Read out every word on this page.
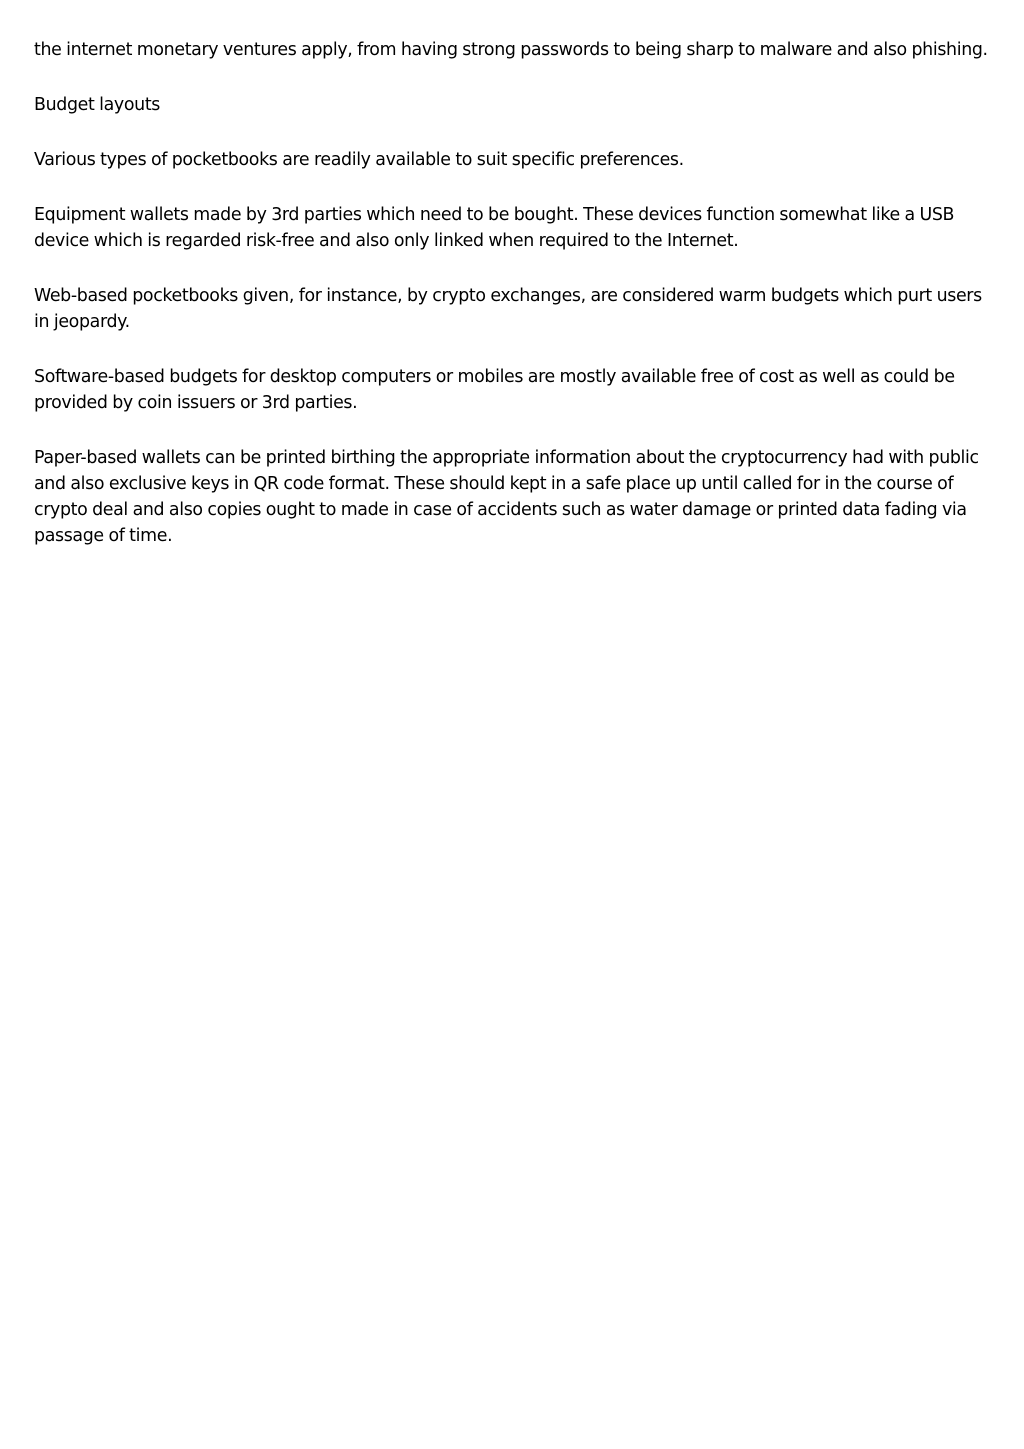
the internet monetary ventures apply, from having strong passwords to being sharp to malware and also phishing.

Budget layouts

Various types of pocketbooks are readily available to suit specific preferences.

Equipment wallets made by 3rd parties which need to be bought. These devices function somewhat like a USB device which is regarded risk-free and also only linked when required to the Internet.

Web-based pocketbooks given, for instance, by crypto exchanges, are considered warm budgets which purt users in jeopardy.

Software-based budgets for desktop computers or mobiles are mostly available free of cost as well as could be provided by coin issuers or 3rd parties.

Paper-based wallets can be printed birthing the appropriate information about the cryptocurrency had with public and also exclusive keys in QR code format. These should kept in a safe place up until called for in the course of crypto deal and also copies ought to made in case of accidents such as water damage or printed data fading via passage of time.
